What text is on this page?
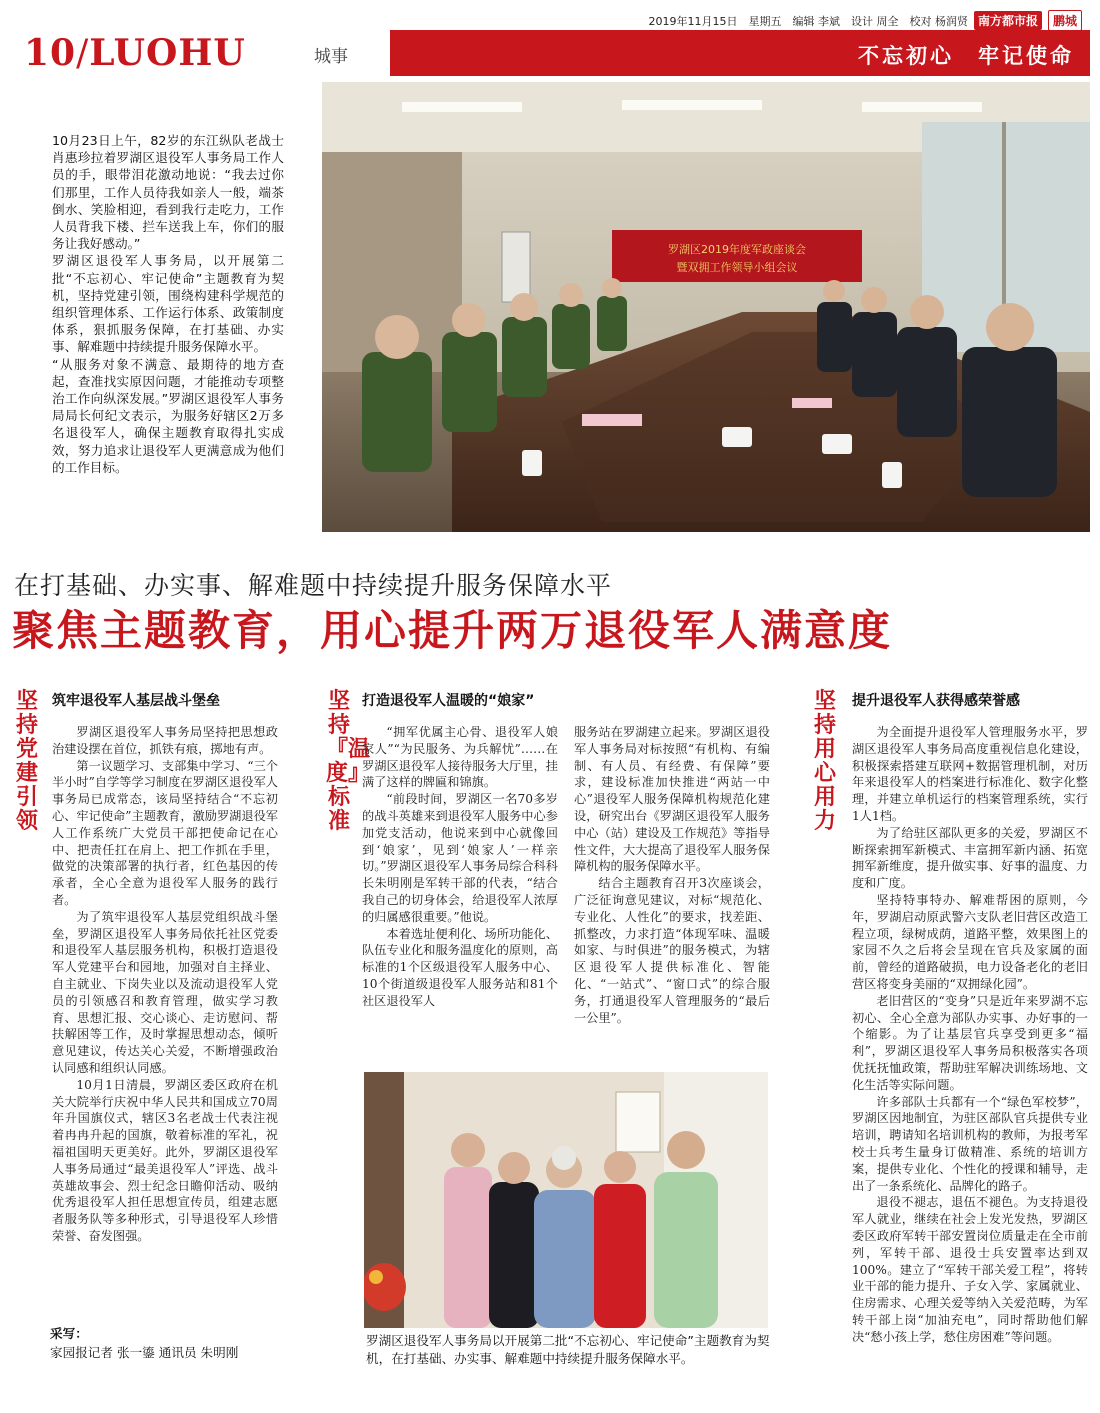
2019年11月15日　星期五　编辑 李斌　设计 周全　校对 杨润贤 南方都市报	鹏城
10/LUOHU	城事	不忘初心　牢记使命

10月23日上午，82岁的东江纵队老战士肖惠珍拉着罗湖区退役军人事务局工作人员的手，眼带泪花激动地说：“我去过你们那里，工作人员待我如亲人一般，端茶倒水、笑脸相迎，看到我行走吃力，工作人员背我下楼、拦车送我上车，你们的服务让我好感动。”

罗湖区退役军人事务局，以开展第二批“不忘初心、牢记使命”主题教育为契机，坚持党建引领，围绕构建科学规范的组织管理体系、工作运行体系、政策制度体系，狠抓服务保障，在打基础、办实事、解难题中持续提升服务保障水平。

“从服务对象不满意、最期待的地方查起，查准找实原因问题，才能推动专项整治工作向纵深发展。”罗湖区退役军人事务局局长何纪文表示，为服务好辖区2万多名退役军人，确保主题教育取得扎实成效，努力追求让退役军人更满意成为他们的工作目标。

罗湖区2019年度军政座谈会
暨双拥工作领导小组会议
在打基础、办实事、解难题中持续提升服务保障水平
聚焦主题教育，用心提升两万退役军人满意度
坚持党建引领
筑牢退役军人基层战斗堡垒

罗湖区退役军人事务局坚持把思想政治建设摆在首位，抓铁有痕，掷地有声。

第一议题学习、支部集中学习、“三个半小时”自学等学习制度在罗湖区退役军人事务局已成常态，该局坚持结合“不忘初心、牢记使命”主题教育，激励罗湖退役军人工作系统广大党员干部把使命记在心中、把责任扛在肩上、把工作抓在手里，做党的决策部署的执行者，红色基因的传承者，全心全意为退役军人服务的践行者。

为了筑牢退役军人基层党组织战斗堡垒，罗湖区退役军人事务局依托社区党委和退役军人基层服务机构，积极打造退役军人党建平台和园地，加强对自主择业、自主就业、下岗失业以及流动退役军人党员的引领感召和教育管理，做实学习教育、思想汇报、交心谈心、走访慰问、帮扶解困等工作，及时掌握思想动态，倾听意见建议，传达关心关爱，不断增强政治认同感和组织认同感。

10月1日清晨，罗湖区委区政府在机关大院举行庆祝中华人民共和国成立70周年升国旗仪式，辖区3名老战士代表注视着冉冉升起的国旗，敬着标准的军礼，祝福祖国明天更美好。此外，罗湖区退役军人事务局通过“最美退役军人”评选、战斗英雄故事会、烈士纪念日瞻仰活动、吸纳优秀退役军人担任思想宣传员，组建志愿者服务队等多种形式，引导退役军人珍惜荣誉、奋发图强。

坚持『温度』标准
打造退役军人温暖的“娘家”

“拥军优属主心骨、退役军人娘家人”“为民服务、为兵解忧”……在罗湖区退役军人接待服务大厅里，挂满了这样的牌匾和锦旗。

“前段时间，罗湖区一名70多岁的战斗英雄来到退役军人服务中心参加党支活动，他说来到中心就像回到‘娘家’，见到‘娘家人’一样亲切。”罗湖区退役军人事务局综合科科长朱明刚是军转干部的代表，“结合我自己的切身体会，给退役军人浓厚的归属感很重要。”他说。

本着选址便利化、场所功能化、队伍专业化和服务温度化的原则，高标准的1个区级退役军人服务中心、10个街道级退役军人服务站和81个社区退役军人

服务站在罗湖建立起来。罗湖区退役军人事务局对标按照“有机构、有编制、有人员、有经费、有保障”要求，建设标准加快推进“两站一中心”退役军人服务保障机构规范化建设，研究出台《罗湖区退役军人服务中心（站）建设及工作规范》等指导性文件，大大提高了退役军人服务保障机构的服务保障水平。

结合主题教育召开3次座谈会，广泛征询意见建议，对标“规范化、专业化、人性化”的要求，找差距、抓整改，力求打造“体现军味、温暖如家、与时俱进”的服务模式，为辖区退役军人提供标准化、智能化、“一站式”、“窗口式”的综合服务，打通退役军人管理服务的“最后一公里”。

罗湖区退役军人事务局以开展第二批“不忘初心、牢记使命”主题教育为契机，在打基础、办实事、解难题中持续提升服务保障水平。
坚持用心用力
提升退役军人获得感荣誉感

为全面提升退役军人管理服务水平，罗湖区退役军人事务局高度重视信息化建设，积极探索搭建互联网+数据管理机制，对历年来退役军人的档案进行标准化、数字化整理，并建立单机运行的档案管理系统，实行1人1档。

为了给驻区部队更多的关爱，罗湖区不断探索拥军新模式、丰富拥军新内涵、拓宽拥军新维度，提升做实事、好事的温度、力度和广度。

坚持特事特办、解难帮困的原则，今年，罗湖启动原武警六支队老旧营区改造工程立项，绿树成荫，道路平整，效果图上的家园不久之后将会呈现在官兵及家属的面前，曾经的道路破损，电力设备老化的老旧营区将变身美丽的“双拥绿化园”。

老旧营区的“变身”只是近年来罗湖不忘初心、全心全意为部队办实事、办好事的一个缩影。为了让基层官兵享受到更多“福利”，罗湖区退役军人事务局积极落实各项优抚抚恤政策，帮助驻军解决训练场地、文化生活等实际问题。

许多部队士兵都有一个“绿色军校梦”，罗湖区因地制宜，为驻区部队官兵提供专业培训，聘请知名培训机构的教师，为报考军校士兵考生量身订做精准、系统的培训方案，提供专业化、个性化的授课和辅导，走出了一条系统化、品牌化的路子。

退役不褪志，退伍不褪色。为支持退役军人就业，继续在社会上发光发热，罗湖区委区政府军转干部安置岗位质量走在全市前列，军转干部、退役士兵安置率达到双100%。建立了“军转干部关爱工程”，将转业干部的能力提升、子女入学、家属就业、住房需求、心理关爱等纳入关爱范畴，为军转干部上岗“加油充电”，同时帮助他们解决“愁小孩上学，愁住房困难”等问题。

采写：
家园报记者 张一鎏 通讯员 朱明刚
